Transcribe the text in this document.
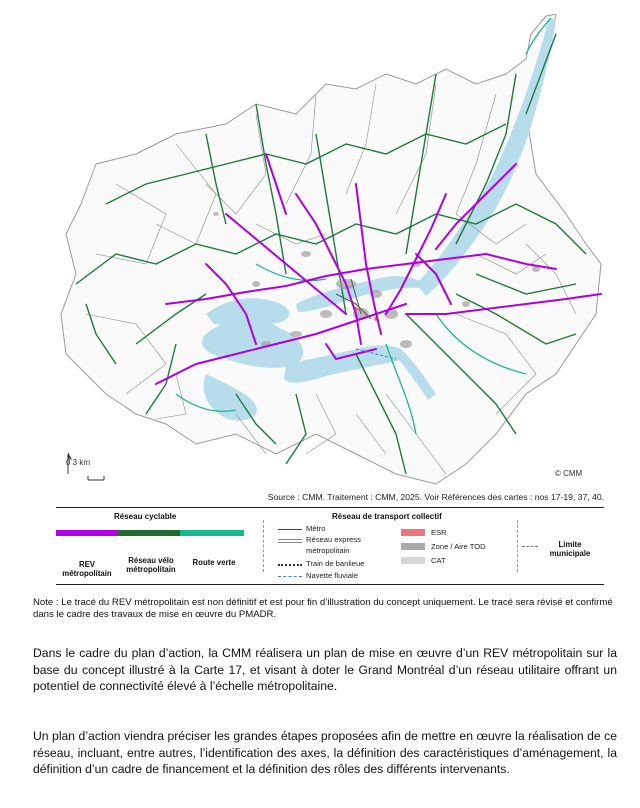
0 3 km
© CMM
Source : CMM. Traitement : CMM, 2025. Voir Références des cartes : nos 17-19, 37, 40.
Réseau cyclable
REV métropolitain
Réseau vélo métropolitain
Route verte
Réseau de transport collectif
Métro
Réseau express métropolitain
Train de banlieue
Navette fluviale
ESR
Zone / Aire TOD
CAT
Limite municipale
Note : Le tracé du REV métropolitain est non définitif et est pour fin d’illustration du concept uniquement. Le tracé sera révisé et confirmé dans le cadre des travaux de mise en œuvre du PMADR.

Dans le cadre du plan d’action, la CMM réalisera un plan de mise en œuvre d’un REV métropolitain sur la base du concept illustré à la Carte 17, et visant à doter le Grand Montréal d’un réseau utilitaire offrant un potentiel de connectivité élevé à l’échelle métropolitaine.

Un plan d’action viendra préciser les grandes étapes proposées afin de mettre en œuvre la réalisation de ce réseau, incluant, entre autres, l’identification des axes, la définition des caractéristiques d’aménagement, la définition d’un cadre de financement et la définition des rôles des différents intervenants.
